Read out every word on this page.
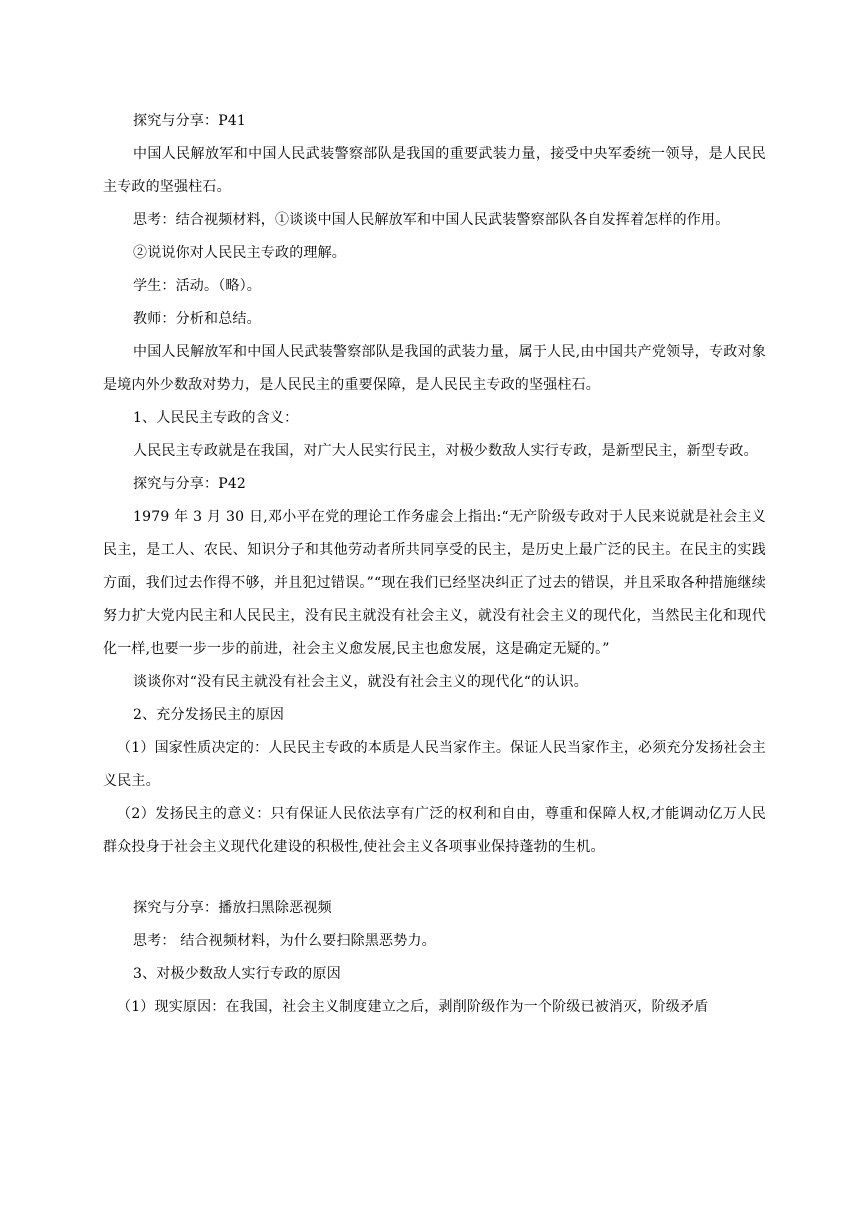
探究与分享：P41

中国人民解放军和中国人民武装警察部队是我国的重要武装力量，接受中央军委统一领导，是人民民主专政的坚强柱石。

思考：结合视频材料，①谈谈中国人民解放军和中国人民武装警察部队各自发挥着怎样的作用。

②说说你对人民民主专政的理解。

学生：活动。（略）。

教师：分析和总结。

中国人民解放军和中国人民武装警察部队是我国的武装力量，属于人民,由中国共产党领导，专政对象是境内外少数敌对势力，是人民民主的重要保障，是人民民主专政的坚强柱石。

1、人民民主专政的含义：

人民民主专政就是在我国，对广大人民实行民主，对极少数敌人实行专政，是新型民主，新型专政。

探究与分享：P42

1979 年 3 月 30 日,邓小平在党的理论工作务虚会上指出:“无产阶级专政对于人民来说就是社会主义民主，是工人、农民、知识分子和其他劳动者所共同享受的民主，是历史上最广泛的民主。在民主的实践方面，我们过去作得不够，并且犯过错误。”“现在我们已经坚决纠正了过去的错误，并且采取各种措施继续努力扩大党内民主和人民民主，没有民主就没有社会主义，就没有社会主义的现代化，当然民主化和现代化一样,也要一步一步的前进，社会主义愈发展,民主也愈发展，这是确定无疑的。”

谈谈你对“没有民主就没有社会主义，就没有社会主义的现代化“的认识。

2、充分发扬民主的原因

（1）国家性质决定的：人民民主专政的本质是人民当家作主。保证人民当家作主，必须充分发扬社会主义民主。

（2）发扬民主的意义：只有保证人民依法享有广泛的权利和自由，尊重和保障人权,才能调动亿万人民群众投身于社会主义现代化建设的积极性,使社会主义各项事业保持蓬勃的生机。

探究与分享：播放扫黑除恶视频

思考： 结合视频材料，为什么要扫除黑恶势力。

3、对极少数敌人实行专政的原因

（1）现实原因：在我国，社会主义制度建立之后，剥削阶级作为一个阶级已被消灭，阶级矛盾
